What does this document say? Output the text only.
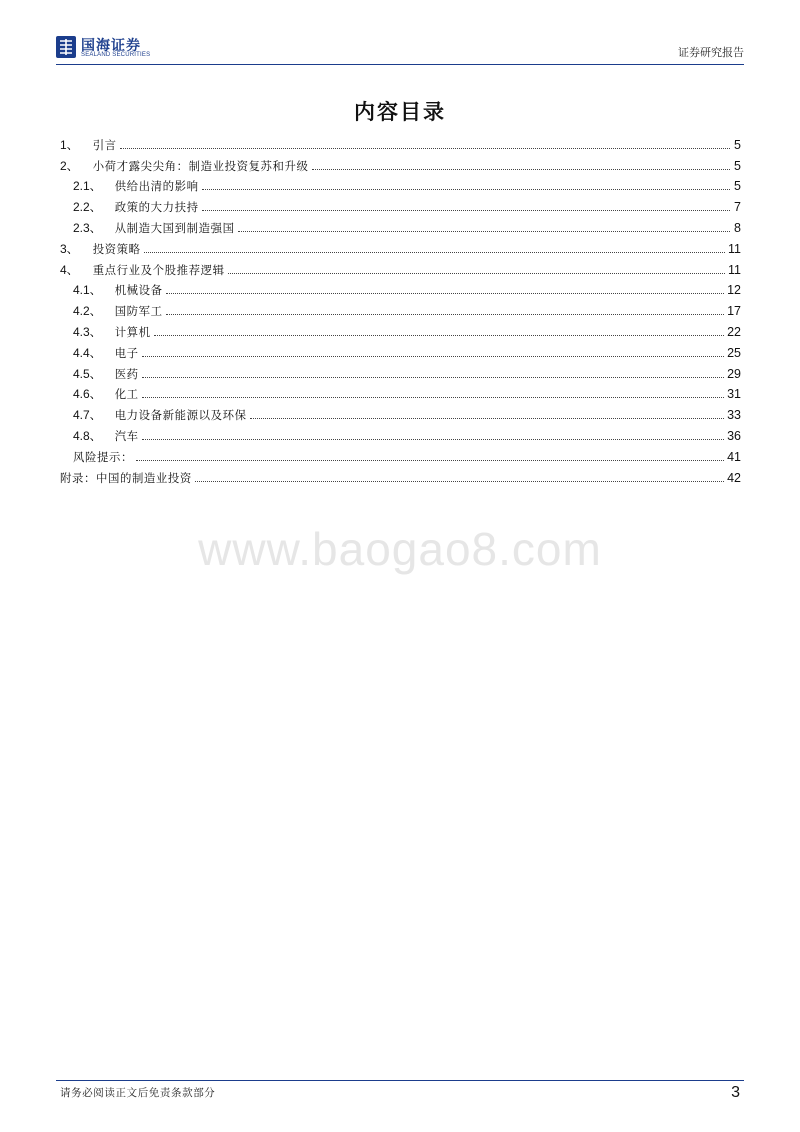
国海证券
SEALAND SECURITIES	证券研究报告
内容目录
1、 引言	5
2、 小荷才露尖尖角：制造业投资复苏和升级	5
2.1、 供给出清的影响	5
2.2、 政策的大力扶持	7
2.3、 从制造大国到制造强国	8
3、 投资策略	11
4、 重点行业及个股推荐逻辑	11
4.1、 机械设备	12
4.2、 国防军工	17
4.3、 计算机	22
4.4、 电子	25
4.5、 医药	29
4.6、 化工	31
4.7、 电力设备新能源以及环保	33
4.8、 汽车	36
风险提示：	41
附录：中国的制造业投资	42
www.baogao8.com
请务必阅读正文后免责条款部分	3
